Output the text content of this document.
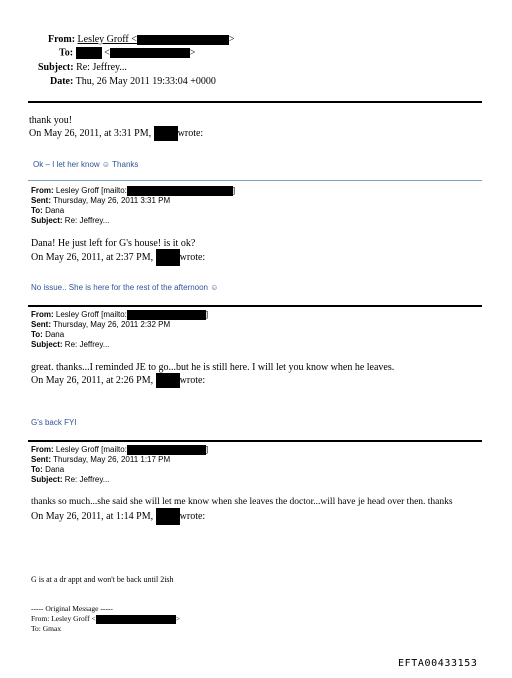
From: Lesley Groff <	>
To:	<	>
Subject: Re: Jeffrey...
Date: Thu, 26 May 2011 19:33:04 +0000
thank you!
On May 26, 2011, at 3:31 PM,	wrote:
Ok – I let her know ☺ Thanks
From: Lesley Groff [mailto:	]
Sent: Thursday, May 26, 2011 3:31 PM
To: Dana
Subject: Re: Jeffrey...
Dana! He just left for G's house! is it ok?
On May 26, 2011, at 2:37 PM,	wrote:
No issue.. She is here for the rest of the afternoon ☺
From: Lesley Groff [mailto:	]
Sent: Thursday, May 26, 2011 2:32 PM
To: Dana
Subject: Re: Jeffrey...
great. thanks...I reminded JE to go...but he is still here. I will let you know when he leaves.
On May 26, 2011, at 2:26 PM,	wrote:
G's back FYI
From: Lesley Groff [mailto:	]
Sent: Thursday, May 26, 2011 1:17 PM
To: Dana
Subject: Re: Jeffrey...
thanks so much...she said she will let me know when she leaves the doctor...will have je head over then. thanks
On May 26, 2011, at 1:14 PM,	wrote:
G is at a dr appt and won't be back until 2ish
----- Original Message -----
From: Lesley Groff <	>
To: Gmax
EFTA00433153
